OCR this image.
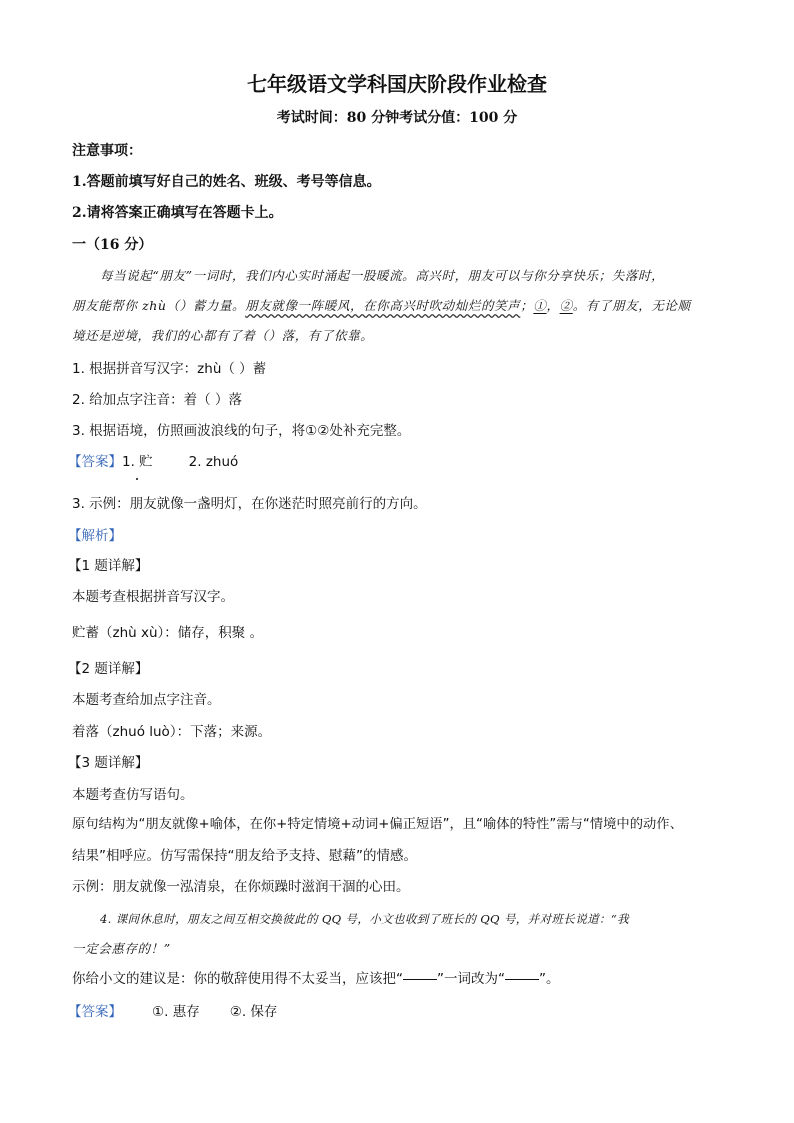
七年级语文学科国庆阶段作业检查
考试时间：80 分钟考试分值：100 分
注意事项：
1.答题前填写好自己的姓名、班级、考号等信息。
2.请将答案正确填写在答题卡上。
一（16 分）
每当说起“朋友”一词时，我们内心实时涌起一股暖流。高兴时，朋友可以与你分享快乐；失落时，
朋友能帮你 zhù（）蓄力量。朋友就像一阵暖风，在你高兴时吹动灿烂的笑声；①，②。有了朋友，无论顺
境还是逆境，我们的心都有了着（）落，有了依靠。
1. 根据拼音写汉字：zhù（ ）蓄
2. 给加点字注音：着（ ）落
3. 根据语境，仿照画波浪线的句子，将①②处补充完整。
【答案】1. 贮	2. zhuó
3. 示例：朋友就像一盏明灯，在你迷茫时照亮前行的方向。
【解析】
【1 题详解】
本题考查根据拼音写汉字。
贮蓄（zhù xù）：储存，积聚 。
【2 题详解】
本题考查给加点字注音。
着落（zhuó luò）：下落；来源。
【3 题详解】
本题考查仿写语句。
原句结构为“朋友就像+喻体，在你+特定情境+动词+偏正短语”，且“喻体的特性”需与“情境中的动作、
结果”相呼应。仿写需保持“朋友给予支持、慰藉”的情感。
示例：朋友就像一泓清泉，在你烦躁时滋润干涸的心田。
4. 课间休息时，朋友之间互相交换彼此的 QQ 号，小文也收到了班长的 QQ 号，并对班长说道：“我
一定会惠存的！”
你给小文的建议是：你的敬辞使用得不太妥当，应该把“	”一词改为“	”。
【答案】 ①. 惠存 ②. 保存
